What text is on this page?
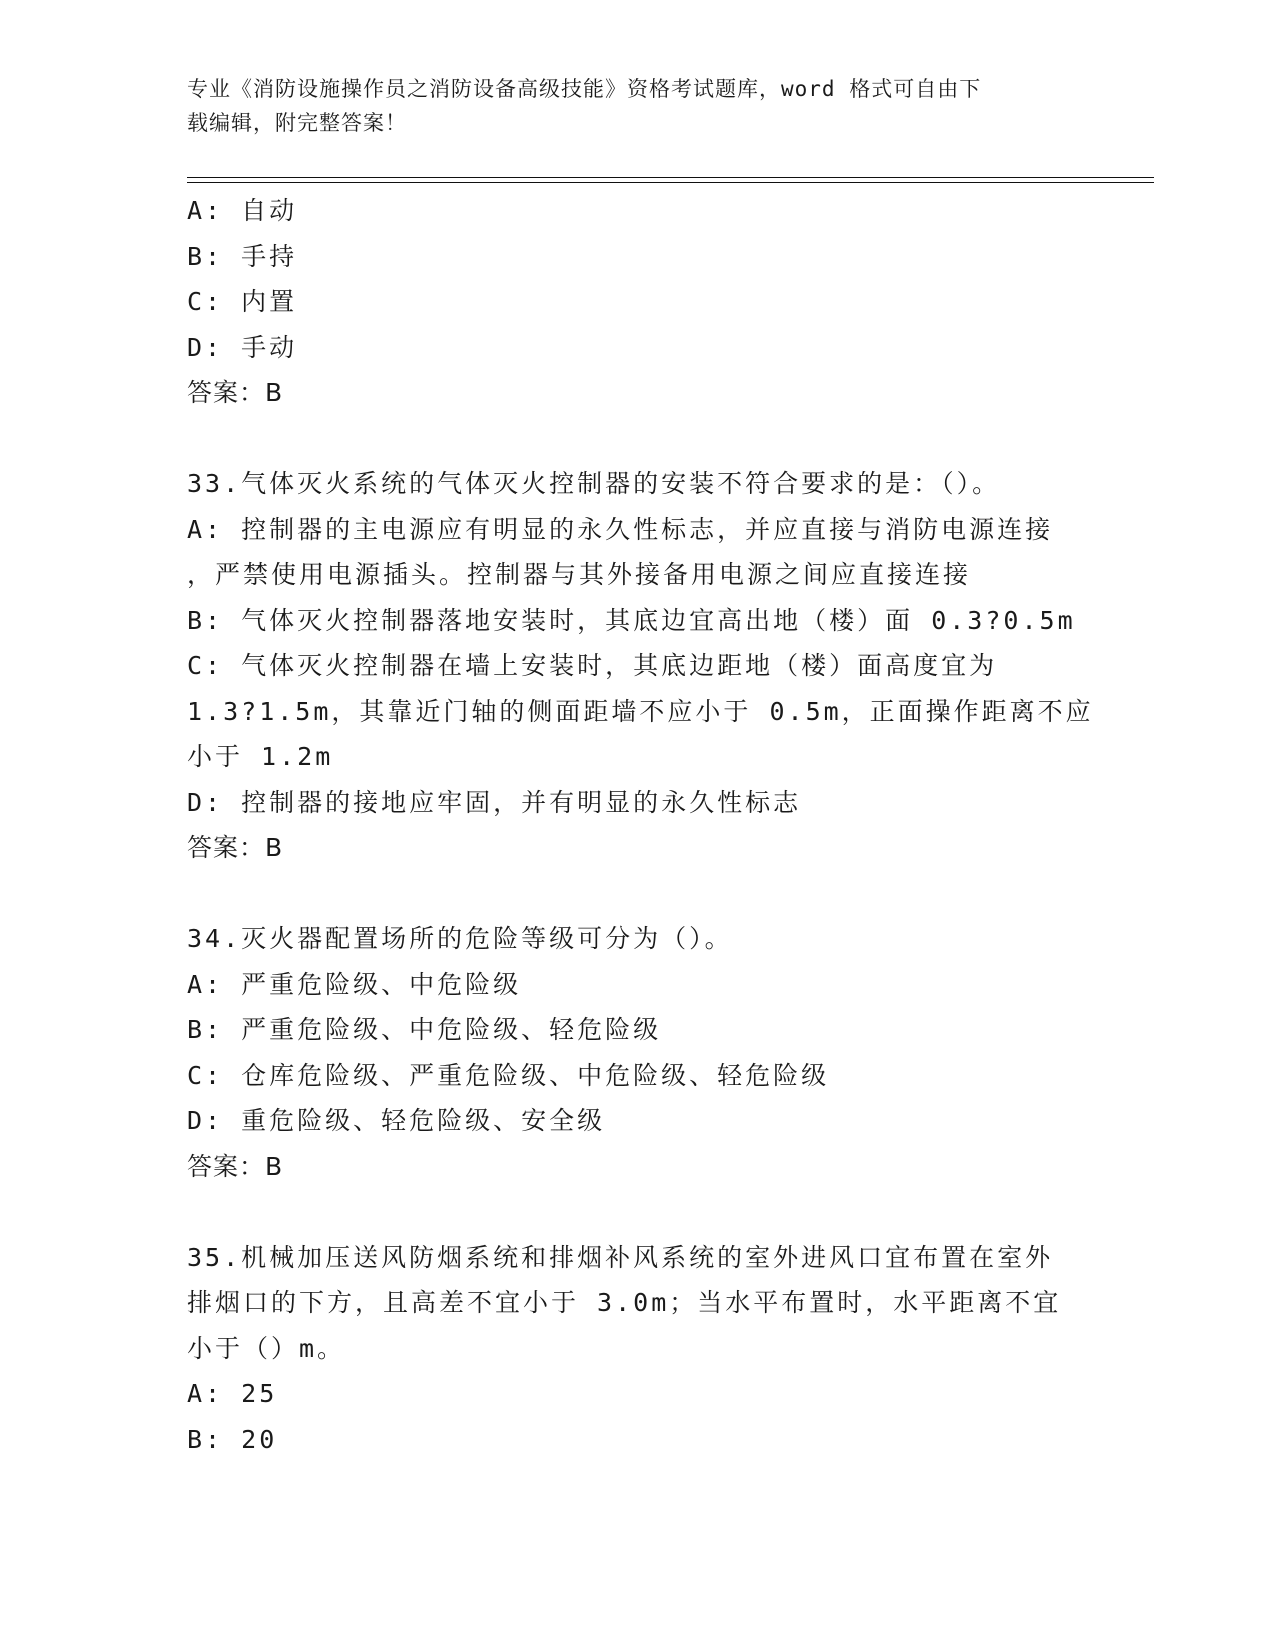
专业《消防设施操作员之消防设备高级技能》资格考试题库，word 格式可自由下
载编辑，附完整答案！
A: 自动
B: 手持
C: 内置
D: 手动
答案：B
33.气体灭火系统的气体灭火控制器的安装不符合要求的是：（）。
A: 控制器的主电源应有明显的永久性标志，并应直接与消防电源连接
，严禁使用电源插头。控制器与其外接备用电源之间应直接连接
B: 气体灭火控制器落地安装时，其底边宜高出地（楼）面 0.3?0.5m
C: 气体灭火控制器在墙上安装时，其底边距地（楼）面高度宜为
1.3?1.5m，其靠近门轴的侧面距墙不应小于 0.5m，正面操作距离不应
小于 1.2m
D: 控制器的接地应牢固，并有明显的永久性标志
答案：B
34.灭火器配置场所的危险等级可分为（）。
A: 严重危险级、中危险级
B: 严重危险级、中危险级、轻危险级
C: 仓库危险级、严重危险级、中危险级、轻危险级
D: 重危险级、轻危险级、安全级
答案：B
35.机械加压送风防烟系统和排烟补风系统的室外进风口宜布置在室外
排烟口的下方，且高差不宜小于 3.0m；当水平布置时，水平距离不宜
小于（）m。
A: 25
B: 20
